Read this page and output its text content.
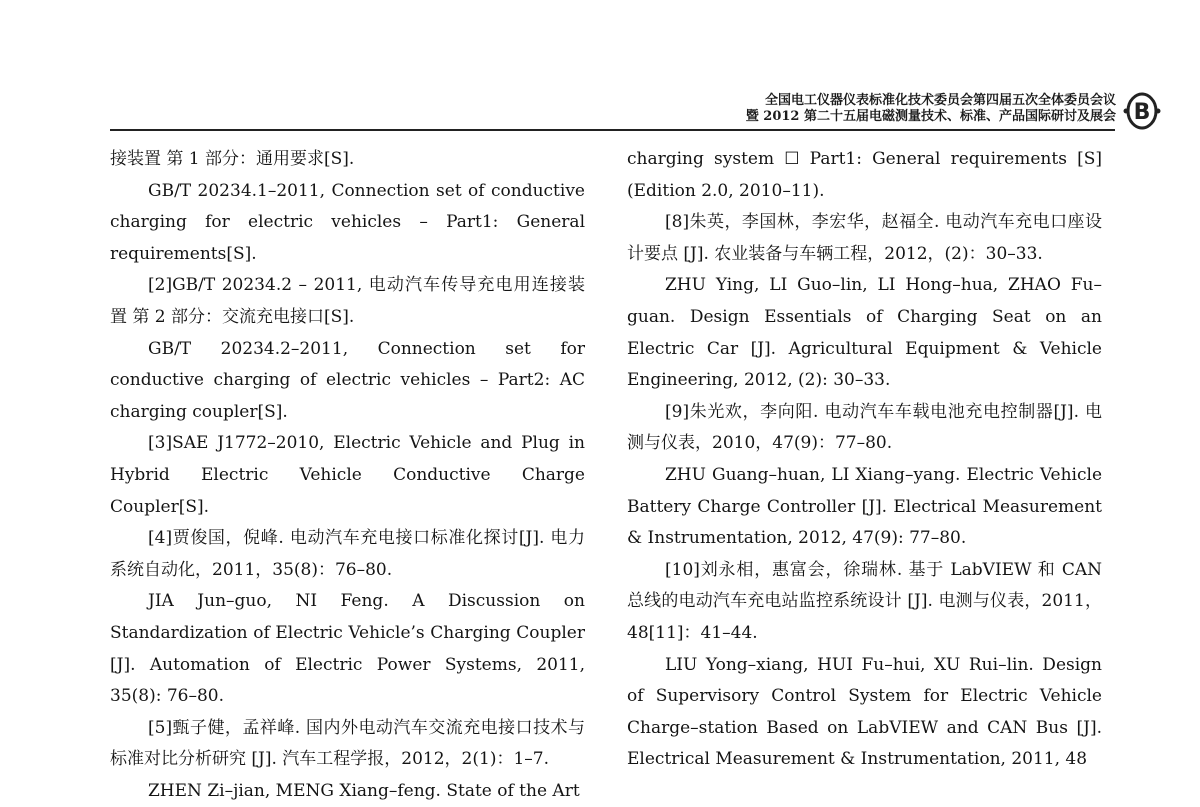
全国电工仪器仪表标准化技术委员会第四届五次全体委员会议
暨 2012 第二十五届电磁测量技术、标准、产品国际研讨及展会 B

接装置 第 1 部分：通用要求[S].

GB/T 20234.1–2011, Connection set of conductive charging for electric vehicles – Part1: General requirements[S].

[2]GB/T 20234.2 – 2011, 电动汽车传导充电用连接装置 第 2 部分：交流充电接口[S].

GB/T 20234.2–2011, Connection set for conductive charging of electric vehicles – Part2: AC charging coupler[S].

[3]SAE J1772–2010, Electric Vehicle and Plug in Hybrid Electric Vehicle Conductive Charge Coupler[S].

[4]贾俊国，倪峰. 电动汽车充电接口标准化探讨[J]. 电力系统自动化，2011，35(8)：76–80.

JIA Jun–guo, NI Feng. A Discussion on Standardization of Electric Vehicle’s Charging Coupler [J]. Automation of Electric Power Systems, 2011, 35(8): 76–80.

[5]甄子健，孟祥峰. 国内外电动汽车交流充电接口技术与标准对比分析研究 [J]. 汽车工程学报，2012，2(1)：1–7.

ZHEN Zi–jian, MENG Xiang–feng. State of the Art

charging system ☐ Part1: General requirements [S] (Edition 2.0, 2010–11).

[8]朱英，李国林，李宏华，赵福全. 电动汽车充电口座设计要点 [J]. 农业装备与车辆工程，2012，(2)：30–33.

ZHU Ying, LI Guo–lin, LI Hong–hua, ZHAO Fu–guan. Design Essentials of Charging Seat on an Electric Car [J]. Agricultural Equipment & Vehicle Engineering, 2012, (2): 30–33.

[9]朱光欢，李向阳. 电动汽车车载电池充电控制器[J]. 电测与仪表，2010，47(9)：77–80.

ZHU Guang–huan, LI Xiang–yang. Electric Vehicle Battery Charge Controller [J]. Electrical Measurement & Instrumentation, 2012, 47(9): 77–80.

[10]刘永相，惠富会，徐瑞林. 基于 LabVIEW 和 CAN 总线的电动汽车充电站监控系统设计 [J]. 电测与仪表，2011，48[11]：41–44.

LIU Yong–xiang, HUI Fu–hui, XU Rui–lin. Design of Supervisory Control System for Electric Vehicle Charge–station Based on LabVIEW and CAN Bus [J]. Electrical Measurement & Instrumentation, 2011, 48
